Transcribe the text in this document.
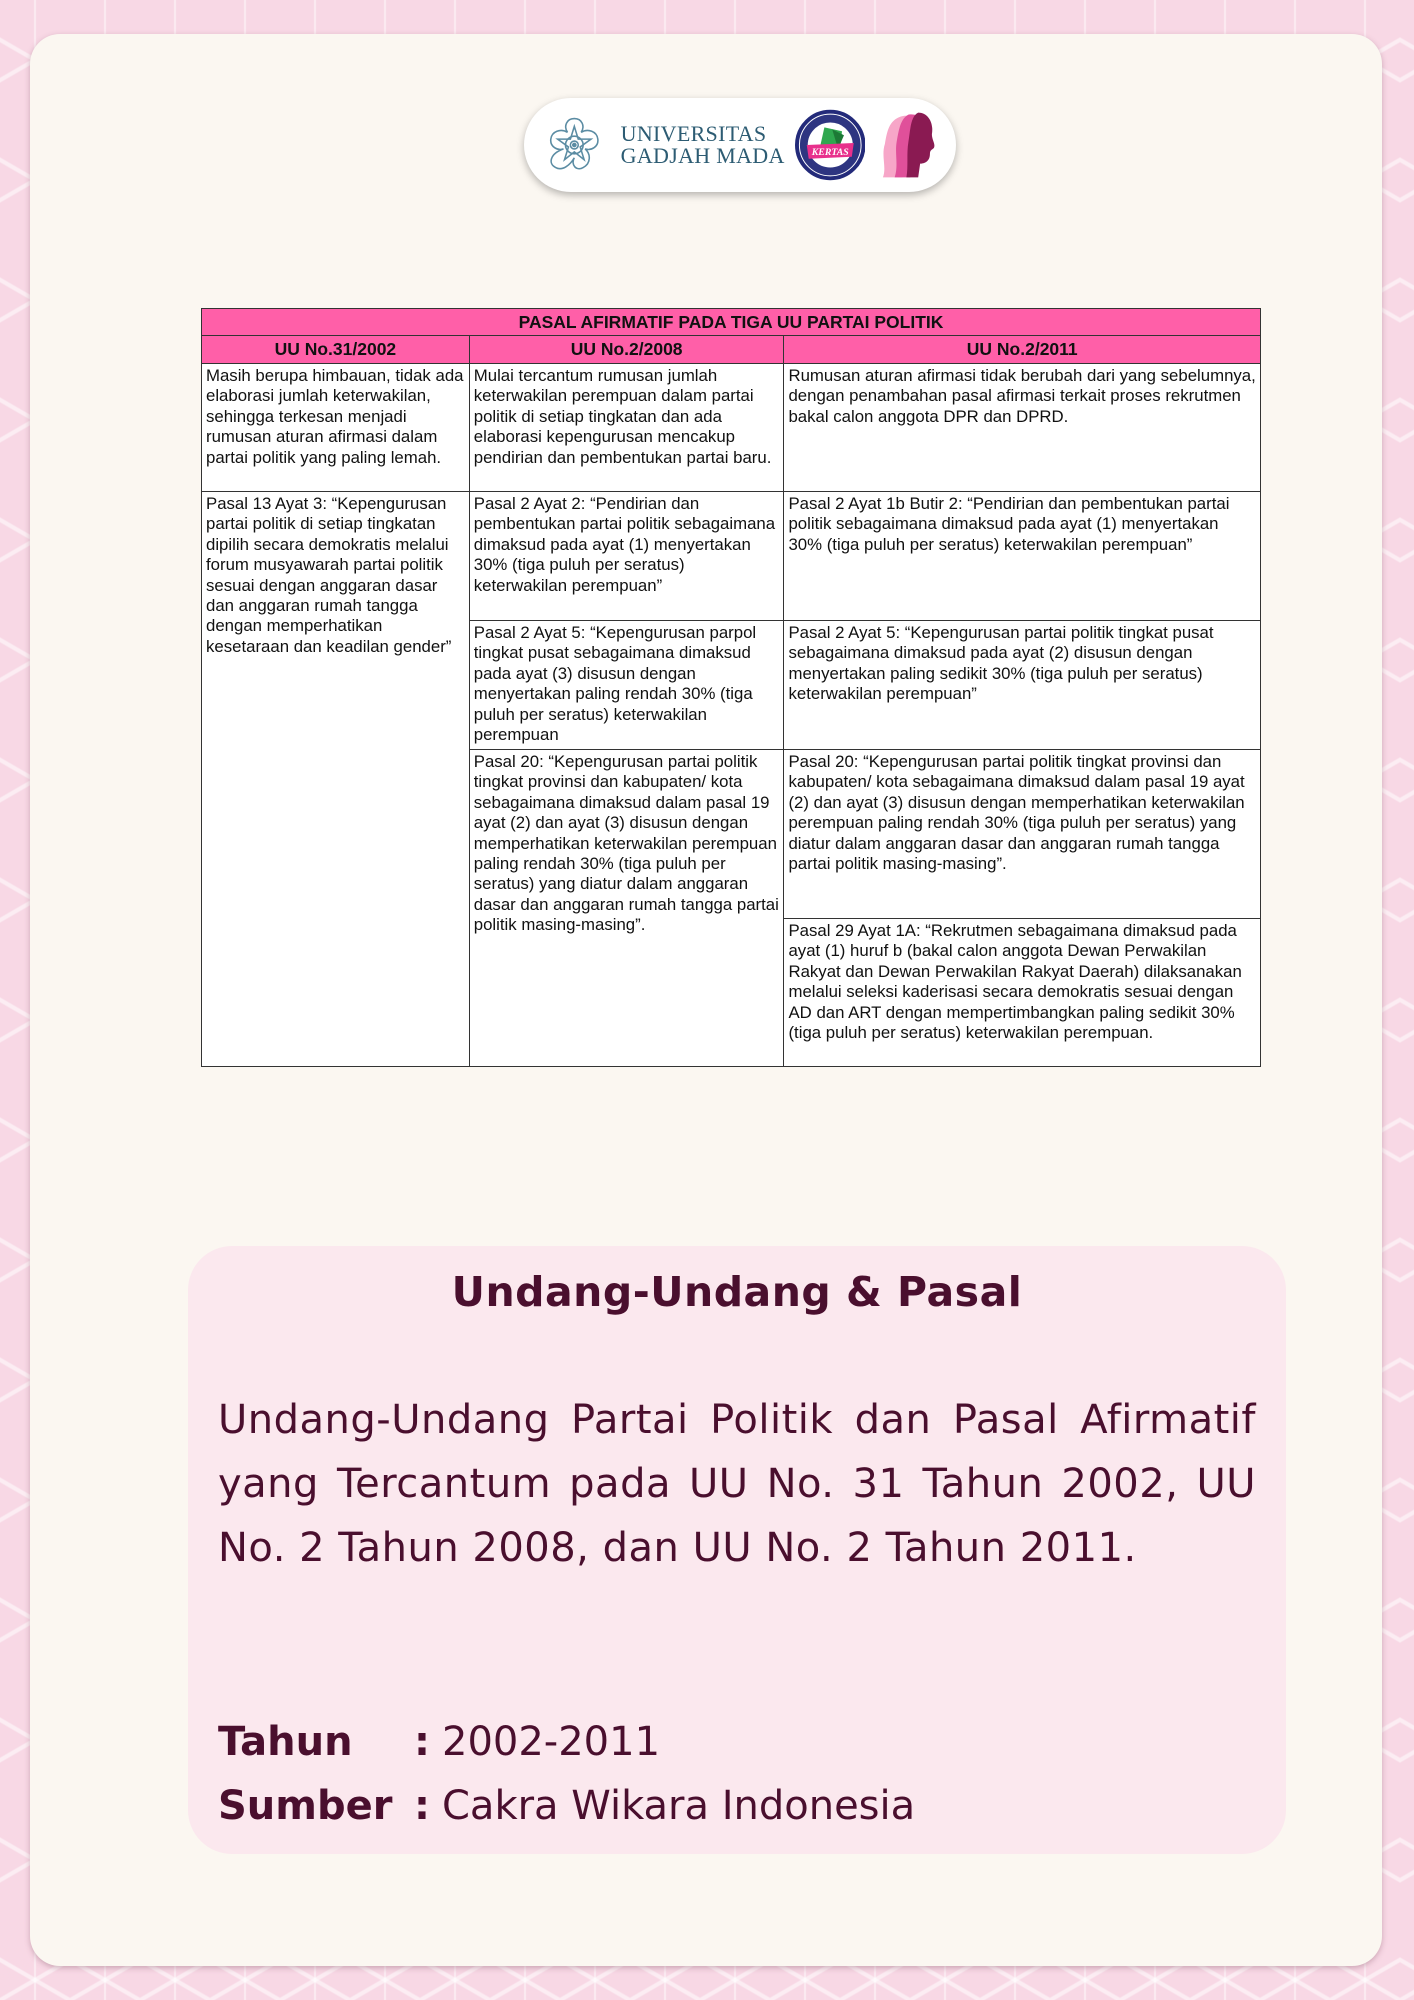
UNIVERSITAS
GADJAH MADA	KERTAS
PASAL AFIRMATIF PADA TIGA UU PARTAI POLITIK		
UU No.31/2002	UU No.2/2008	UU No.2/2011
Masih berupa himbauan, tidak ada elaborasi jumlah keterwakilan, sehingga terkesan menjadi rumusan aturan afirmasi dalam partai politik yang paling lemah.	Mulai tercantum rumusan jumlah keterwakilan perempuan dalam partai politik di setiap tingkatan dan ada elaborasi kepengurusan mencakup pendirian dan pembentukan partai baru.	Rumusan aturan afirmasi tidak berubah dari yang sebelumnya, dengan penambahan pasal afirmasi terkait proses rekrutmen bakal calon anggota DPR dan DPRD.
Pasal 13 Ayat 3: “Kepengurusan partai politik di setiap tingkatan dipilih secara demokratis melalui forum musyawarah partai politik sesuai dengan anggaran dasar dan anggaran rumah tangga dengan memperhatikan kesetaraan dan keadilan gender”	Pasal 2 Ayat 2: “Pendirian dan pembentukan partai politik sebagaimana dimaksud pada ayat (1) menyertakan 30% (tiga puluh per seratus) keterwakilan perempuan”	Pasal 2 Ayat 1b Butir 2: “Pendirian dan pembentukan partai politik sebagaimana dimaksud pada ayat (1) menyertakan 30% (tiga puluh per seratus) keterwakilan perempuan”
	Pasal 2 Ayat 5: “Kepengurusan parpol tingkat pusat sebagaimana dimaksud pada ayat (3) disusun dengan menyertakan paling rendah 30% (tiga puluh per seratus) keterwakilan perempuan	Pasal 2 Ayat 5: “Kepengurusan partai politik tingkat pusat sebagaimana dimaksud pada ayat (2) disusun dengan menyertakan paling sedikit 30% (tiga puluh per seratus) keterwakilan perempuan”
Pasal 20: “Kepengurusan partai politik tingkat provinsi dan kabupaten/ kota sebagaimana dimaksud dalam pasal 19 ayat (2) dan ayat (3) disusun dengan memperhatikan keterwakilan perempuan paling rendah 30% (tiga puluh per seratus) yang diatur dalam anggaran dasar dan anggaran rumah tangga partai politik masing-masing”.	Pasal 20: “Kepengurusan partai politik tingkat provinsi dan kabupaten/ kota sebagaimana dimaksud dalam pasal 19 ayat (2) dan ayat (3) disusun dengan memperhatikan keterwakilan perempuan paling rendah 30% (tiga puluh per seratus) yang diatur dalam anggaran dasar dan anggaran rumah tangga partai politik masing-masing”.
		Pasal 29 Ayat 1A: “Rekrutmen sebagaimana dimaksud pada ayat (1) huruf b (bakal calon anggota Dewan Perwakilan Rakyat dan Dewan Perwakilan Rakyat Daerah) dilaksanakan melalui seleksi kaderisasi secara demokratis sesuai dengan AD dan ART dengan mempertimbangkan paling sedikit 30% (tiga puluh per seratus) keterwakilan perempuan.
Undang-Undang & Pasal
Undang-Undang Partai Politik dan Pasal Afirmatif yang Tercantum pada UU No. 31 Tahun 2002, UU No. 2 Tahun 2008, dan UU No. 2 Tahun 2011.
Tahun	: 2002-2011
Sumber : Cakra Wikara Indonesia
